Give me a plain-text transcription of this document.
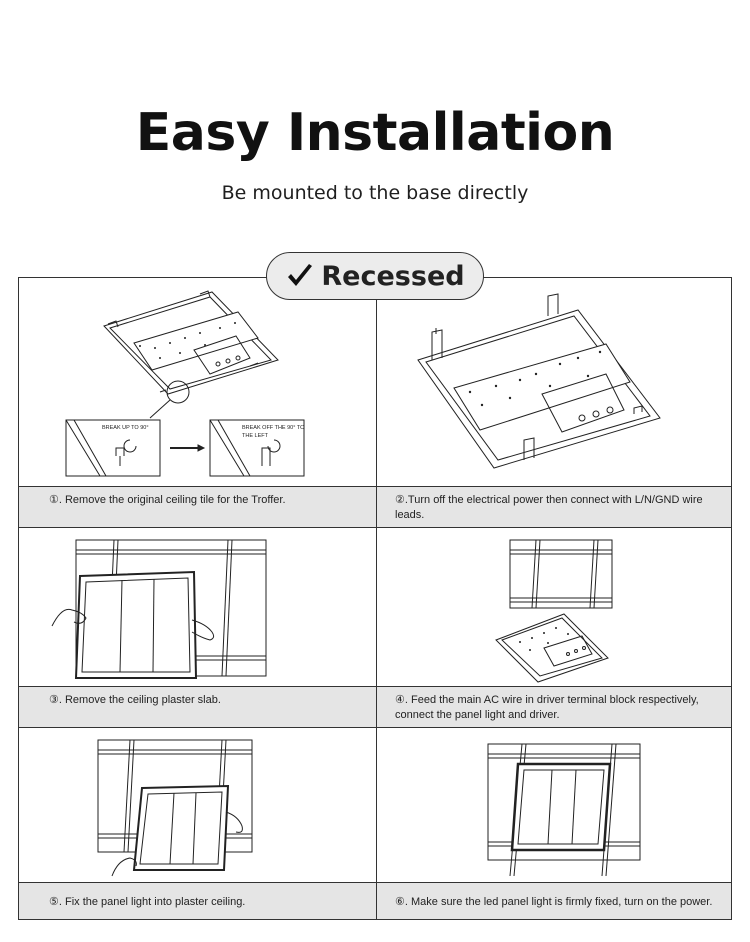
Easy Installation
Be mounted to the base directly
①. Remove the original ceiling tile for the Troffer.	②.Turn off the electrical power then connect with L/N/GND wire leads.
③. Remove the ceiling plaster slab.	④. Feed the main AC wire in driver terminal block respectively, connect the panel light and driver.
⑤. Fix the panel light into plaster ceiling.	⑥. Make sure the led panel light is firmly fixed, turn on the power.
Recessed
BREAK UP TO 90°	BREAK OFF THE 90° TO
THE LEFT
